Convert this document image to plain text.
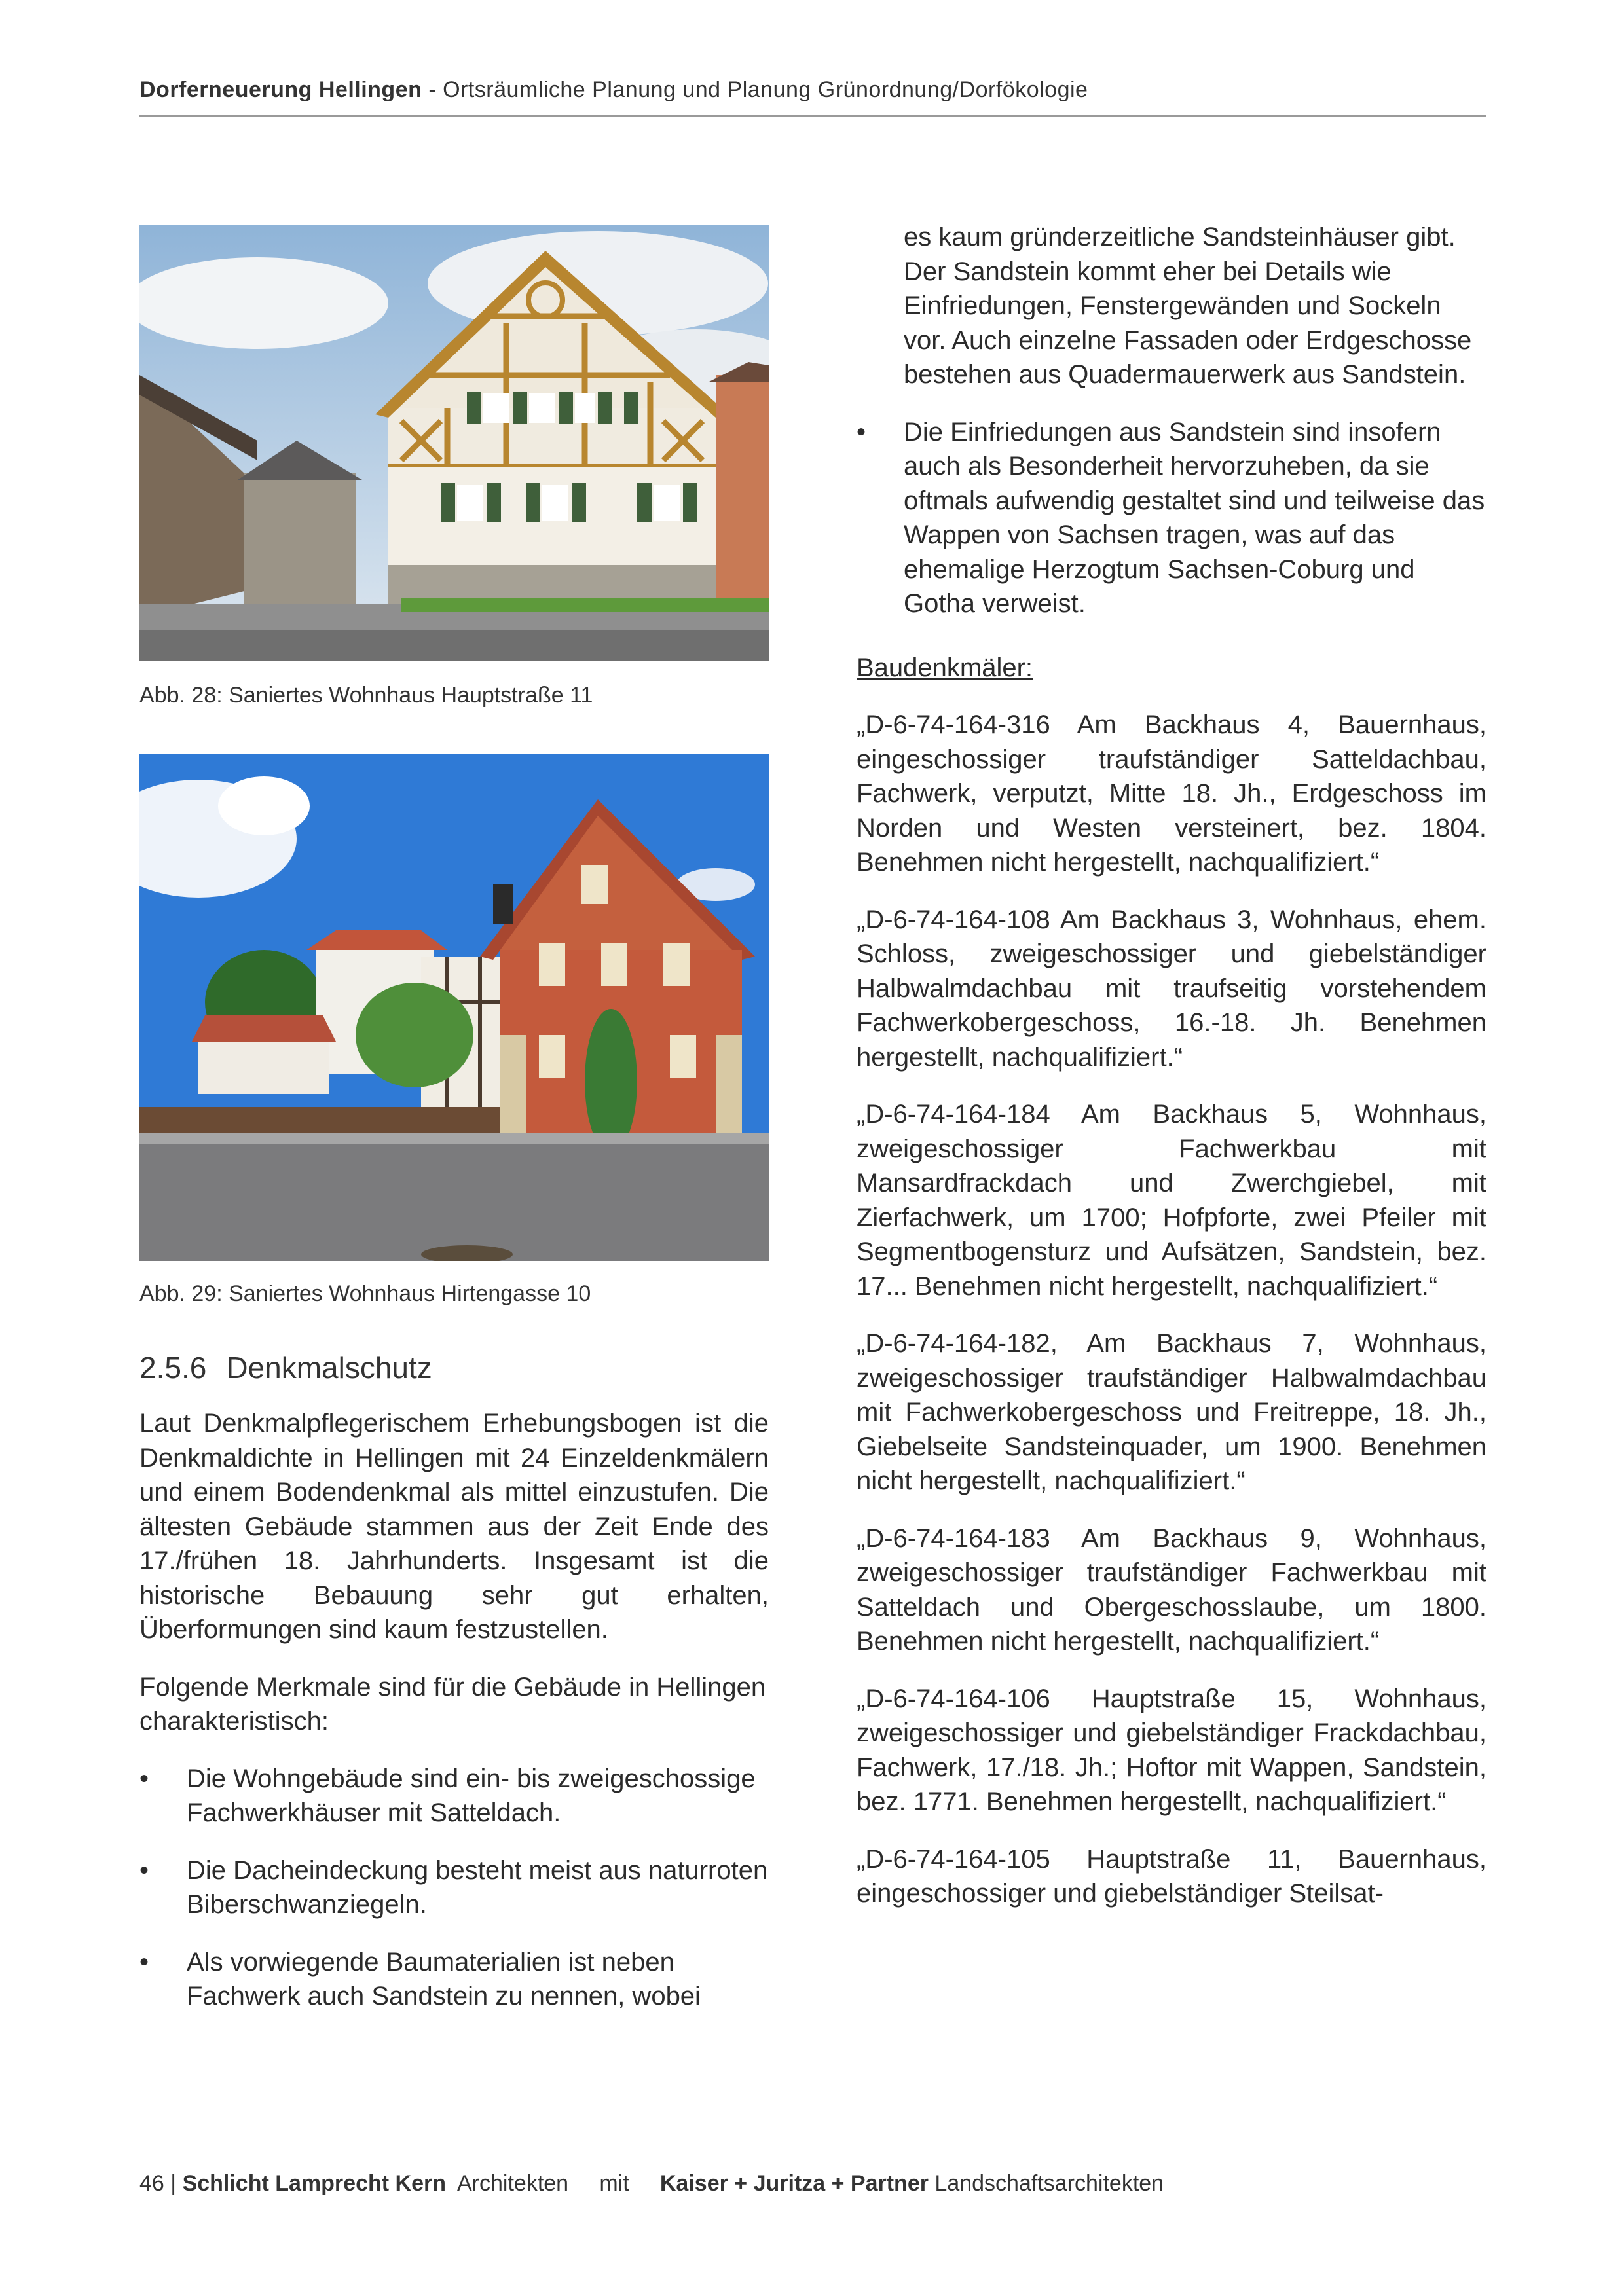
Dorferneuerung Hellingen - Ortsräumliche Planung und Planung Grünordnung/Dorfökologie
Abb. 28: Saniertes Wohnhaus Hauptstraße 11
Abb. 29: Saniertes Wohnhaus Hirtengasse 10
2.5.6 Denkmalschutz

Laut Denkmalpflegerischem Erhebungsbogen ist die Denkmaldichte in Hellingen mit 24 Einzeldenkmälern und einem Bodendenkmal als mittel einzustufen. Die ältesten Gebäude stammen aus der Zeit Ende des 17./frühen 18. Jahrhunderts. Insgesamt ist die historische Bebauung sehr gut erhalten, Überformungen sind kaum festzustellen.

Folgende Merkmale sind für die Gebäude in Hellingen charakteristisch:

• Die Wohngebäude sind ein- bis zweigeschossige Fachwerkhäuser mit Satteldach.
• Die Dacheindeckung besteht meist aus naturroten Biberschwanziegeln.
• Als vorwiegende Baumaterialien ist neben Fachwerk auch Sandstein zu nennen, wobei
es kaum gründerzeitliche Sandsteinhäuser gibt. Der Sandstein kommt eher bei Details wie Einfriedungen, Fenstergewänden und Sockeln vor. Auch einzelne Fassaden oder Erdgeschosse bestehen aus Quadermauerwerk aus Sandstein.
• Die Einfriedungen aus Sandstein sind insofern auch als Besonderheit hervorzuheben, da sie oftmals aufwendig gestaltet sind und teilweise das Wappen von Sachsen tragen, was auf das ehemalige Herzogtum Sachsen-Coburg und Gotha verweist.

Baudenkmäler:

„D-6-74-164-316 Am Backhaus 4, Bauernhaus, eingeschossiger traufständiger Satteldachbau, Fachwerk, verputzt, Mitte 18. Jh., Erdgeschoss im Norden und Westen versteinert, bez. 1804. Benehmen nicht hergestellt, nachqualifiziert.“

„D-6-74-164-108 Am Backhaus 3, Wohnhaus, ehem. Schloss, zweigeschossiger und giebelständiger Halbwalmdachbau mit traufseitig vorstehendem Fachwerkobergeschoss, 16.-18. Jh. Benehmen hergestellt, nachqualifiziert.“

„D-6-74-164-184 Am Backhaus 5, Wohnhaus, zweigeschossiger Fachwerkbau mit Mansardfrackdach und Zwerchgiebel, mit Zierfachwerk, um 1700; Hofpforte, zwei Pfeiler mit Segmentbogensturz und Aufsätzen, Sandstein, bez. 17... Benehmen nicht hergestellt, nachqualifiziert.“

„D-6-74-164-182, Am Backhaus 7, Wohnhaus, zweigeschossiger traufständiger Halbwalmdachbau mit Fachwerkobergeschoss und Freitreppe, 18. Jh., Giebelseite Sandsteinquader, um 1900. Benehmen nicht hergestellt, nachqualifiziert.“

„D-6-74-164-183 Am Backhaus 9, Wohnhaus, zweigeschossiger traufständiger Fachwerkbau mit Satteldach und Obergeschosslaube, um 1800. Benehmen nicht hergestellt, nachqualifiziert.“

„D-6-74-164-106 Hauptstraße 15, Wohnhaus, zweigeschossiger und giebelständiger Frackdachbau, Fachwerk, 17./18. Jh.; Hoftor mit Wappen, Sandstein, bez. 1771. Benehmen hergestellt, nachqualifiziert.“

„D-6-74-164-105 Hauptstraße 11, Bauernhaus, eingeschossiger und giebelständiger Steilsat-

46 | Schlicht Lamprecht Kern  Architekten     mit     Kaiser + Juritza + Partner Landschaftsarchitekten
